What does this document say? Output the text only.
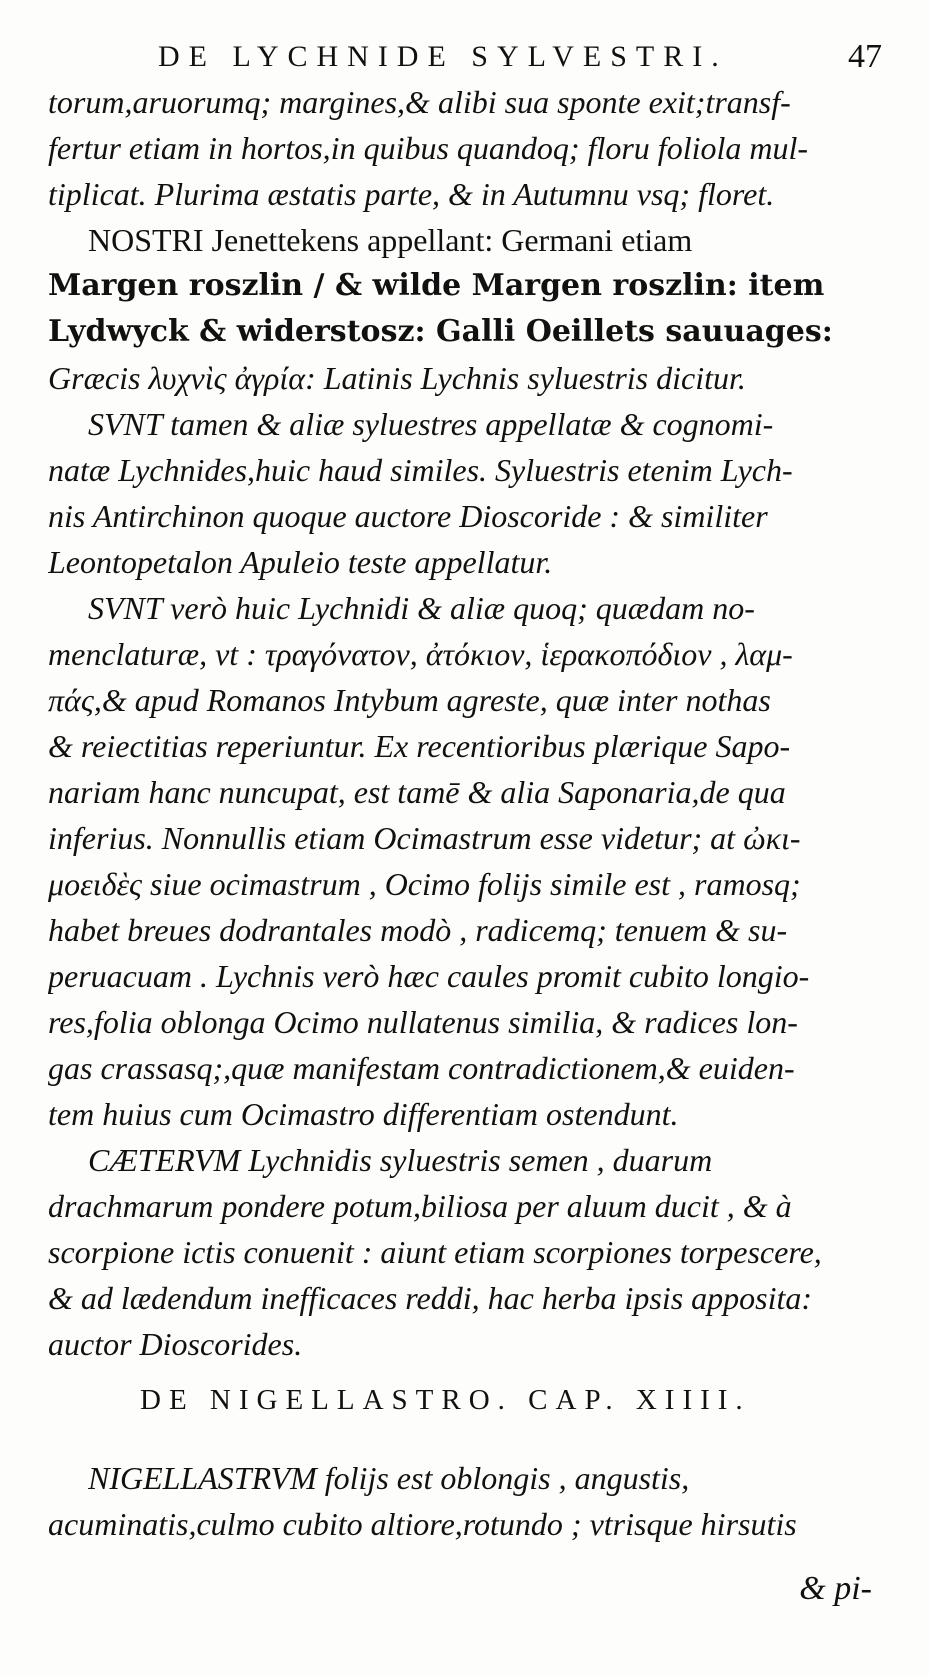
DE LYCHNIDE SYLVESTRI.	47
torum,aruorumq; margines,& alibi sua sponte exit;transf-
fertur etiam in hortos,in quibus quandoq; floru foliola mul-
tiplicat. Plurima æstatis parte, & in Autumnu vsq; floret.
NOSTRI Jenettekens appellant: Germani etiam
Margen roszlin / & wilde Margen roszlin: item
Lydwyck & widerstosz: Galli Oeillets sauuages:
Græcis λυχνὶς ἀγρία: Latinis Lychnis syluestris dicitur.
SVNT tamen & aliæ syluestres appellatæ & cognomi-
natæ Lychnides,huic haud similes. Syluestris etenim Lych-
nis Antirchinon quoque auctore Dioscoride : & similiter
Leontopetalon Apuleio teste appellatur.
SVNT verò huic Lychnidi & aliæ quoq; quædam no-
menclaturæ, vt : τραγόνατον, ἀτόκιον, ἱερακοπόδιον , λαμ-
πάς,& apud Romanos Intybum agreste, quæ inter nothas
& reiectitias reperiuntur. Ex recentioribus plærique Sapo-
nariam hanc nuncupat, est tamē & alia Saponaria,de qua
inferius. Nonnullis etiam Ocimastrum esse videtur; at ὠκι-
μοειδὲς siue ocimastrum , Ocimo folijs simile est , ramosq;
habet breues dodrantales modò , radicemq; tenuem & su-
peruacuam . Lychnis verò hæc caules promit cubito longio-
res,folia oblonga Ocimo nullatenus similia, & radices lon-
gas crassasq;,quæ manifestam contradictionem,& euiden-
tem huius cum Ocimastro differentiam ostendunt.
CÆTERVM Lychnidis syluestris semen , duarum
drachmarum pondere potum,biliosa per aluum ducit , & à
scorpione ictis conuenit : aiunt etiam scorpiones torpescere,
& ad lædendum inefficaces reddi, hac herba ipsis apposita:
auctor Dioscorides.
NIGELLASTRVM folijs est oblongis , angustis,
acuminatis,culmo cubito altiore,rotundo ; vtrisque hirsutis
DE NIGELLASTRO. CAP. XIIII.
& pi-
